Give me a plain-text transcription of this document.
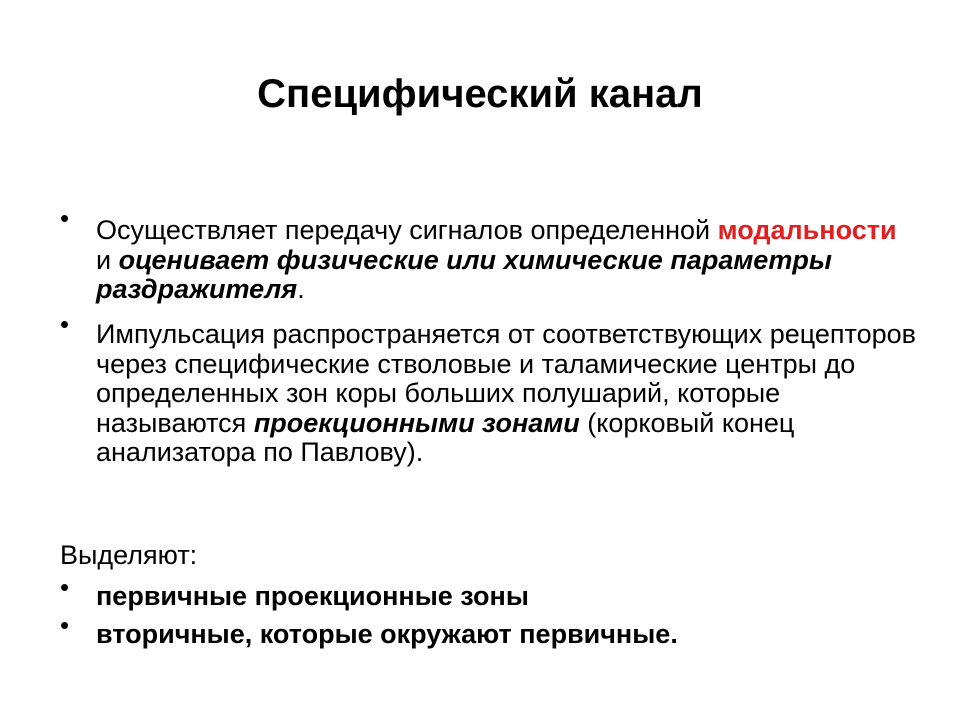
Специфический канал
• Осуществляет передачу сигналов определенной модальности и оценивает физические или химические параметры раздражителя.
• Импульсация распространяется от соответствующих рецепторов через специфические стволовые и таламические центры до определенных зон коры больших полушарий, которые называются проекционными зонами (корковый конец анализатора по Павлову).
Выделяют:
• первичные проекционные зоны
• вторичные, которые окружают первичные.
